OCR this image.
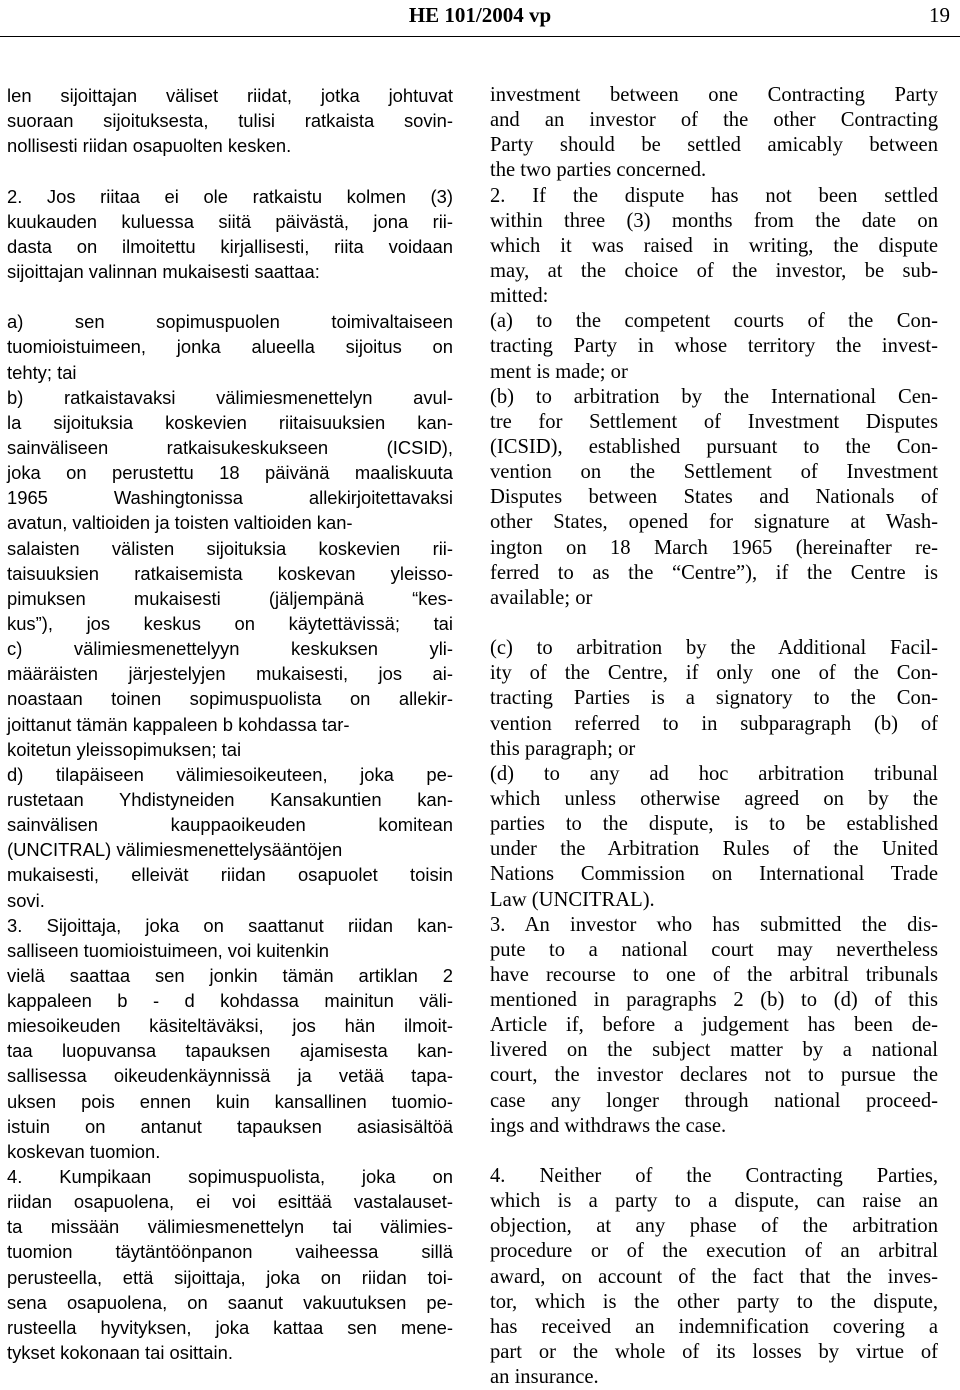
HE 101/2004 vp	19
len sijoittajan väliset riidat, jotka johtuvat
suoraan sijoituksesta, tulisi ratkaista sovin-
nollisesti riidan osapuolten kesken.
2. Jos riitaa ei ole ratkaistu kolmen (3)
kuukauden kuluessa siitä päivästä, jona rii-
dasta on ilmoitettu kirjallisesti, riita voidaan
sijoittajan valinnan mukaisesti saattaa:
a) sen sopimuspuolen toimivaltaiseen
tuomioistuimeen, jonka alueella sijoitus on
tehty; tai
b) ratkaistavaksi välimiesmenettelyn avul-
la sijoituksia koskevien riitaisuuksien kan-
sainväliseen ratkaisukeskukseen (ICSID),
joka on perustettu 18 päivänä maaliskuuta
1965 Washingtonissa allekirjoitettavaksi
avatun, valtioiden ja toisten valtioiden kan-
salaisten välisten sijoituksia koskevien rii-
taisuuksien ratkaisemista koskevan yleisso-
pimuksen mukaisesti (jäljempänä “kes-
kus”), jos keskus on käytettävissä; tai
c) välimiesmenettelyyn keskuksen yli-
määräisten järjestelyjen mukaisesti, jos ai-
noastaan toinen sopimuspuolista on allekir-
joittanut tämän kappaleen b kohdassa tar-
koitetun yleissopimuksen; tai
d) tilapäiseen välimiesoikeuteen, joka pe-
rustetaan Yhdistyneiden Kansakuntien kan-
sainvälisen kauppaoikeuden komitean
(UNCITRAL) välimiesmenettelysääntöjen
mukaisesti, elleivät riidan osapuolet toisin
sovi.
3. Sijoittaja, joka on saattanut riidan kan-
salliseen tuomioistuimeen, voi kuitenkin
vielä saattaa sen jonkin tämän artiklan 2
kappaleen b - d kohdassa mainitun väli-
miesoikeuden käsiteltäväksi, jos hän ilmoit-
taa luopuvansa tapauksen ajamisesta kan-
sallisessa oikeudenkäynnissä ja vetää tapa-
uksen pois ennen kuin kansallinen tuomio-
istuin on antanut tapauksen asiasisältöä
koskevan tuomion.
4. Kumpikaan sopimuspuolista, joka on
riidan osapuolena, ei voi esittää vastalauset-
ta missään välimiesmenettelyn tai välimies-
tuomion täytäntöönpanon vaiheessa sillä
perusteella, että sijoittaja, joka on riidan toi-
sena osapuolena, on saanut vakuutuksen pe-
rusteella hyvityksen, joka kattaa sen mene-
tykset kokonaan tai osittain.
investment between one Contracting Party
and an investor of the other Contracting
Party should be settled amicably between
the two parties concerned.
2. If the dispute has not been settled
within three (3) months from the date on
which it was raised in writing, the dispute
may, at the choice of the investor, be sub-
mitted:
(a) to the competent courts of the Con-
tracting Party in whose territory the invest-
ment is made; or
(b) to arbitration by the International Cen-
tre for Settlement of Investment Disputes
(ICSID), established pursuant to the Con-
vention on the Settlement of Investment
Disputes between States and Nationals of
other States, opened for signature at Wash-
ington on 18 March 1965 (hereinafter re-
ferred to as the “Centre”), if the Centre is
available; or
(c) to arbitration by the Additional Facil-
ity of the Centre, if only one of the Con-
tracting Parties is a signatory to the Con-
vention referred to in subparagraph (b) of
this paragraph; or
(d) to any ad hoc arbitration tribunal
which unless otherwise agreed on by the
parties to the dispute, is to be established
under the Arbitration Rules of the United
Nations Commission on International Trade
Law (UNCITRAL).
3. An investor who has submitted the dis-
pute to a national court may nevertheless
have recourse to one of the arbitral tribunals
mentioned in paragraphs 2 (b) to (d) of this
Article if, before a judgement has been de-
livered on the subject matter by a national
court, the investor declares not to pursue the
case any longer through national proceed-
ings and withdraws the case.
4. Neither of the Contracting Parties,
which is a party to a dispute, can raise an
objection, at any phase of the arbitration
procedure or of the execution of an arbitral
award, on account of the fact that the inves-
tor, which is the other party to the dispute,
has received an indemnification covering a
part or the whole of its losses by virtue of
an insurance.
